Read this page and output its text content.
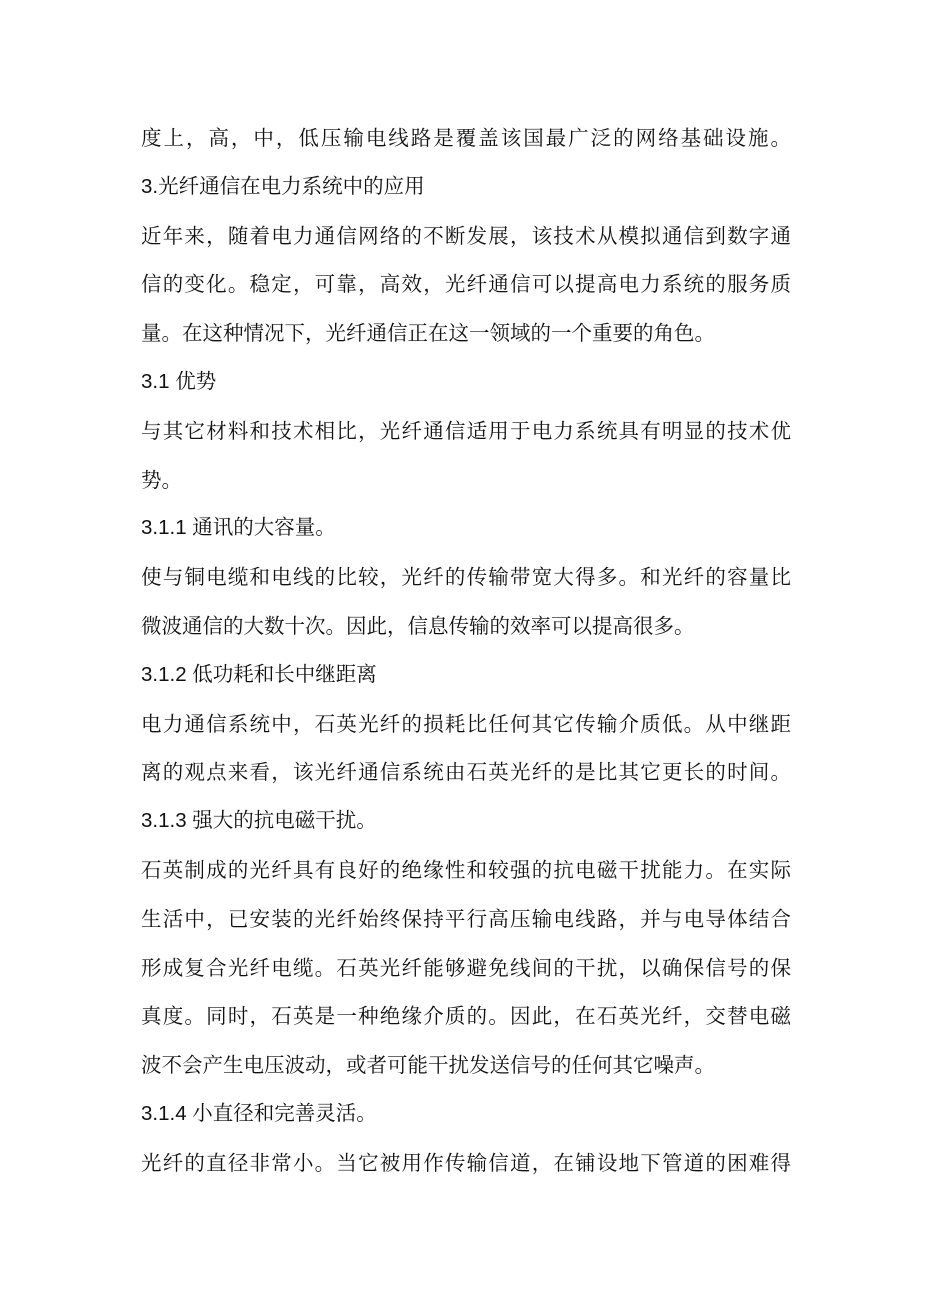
度上，高，中，低压输电线路是覆盖该国最广泛的网络基础设施。
3.光纤通信在电力系统中的应用
近年来，随着电力通信网络的不断发展，该技术从模拟通信到数字通
信的变化。稳定，可靠，高效，光纤通信可以提高电力系统的服务质
量。在这种情况下，光纤通信正在这一领域的一个重要的角色。
3.1 优势
与其它材料和技术相比，光纤通信适用于电力系统具有明显的技术优
势。
3.1.1 通讯的大容量。
使与铜电缆和电线的比较，光纤的传输带宽大得多。和光纤的容量比
微波通信的大数十次。因此，信息传输的效率可以提高很多。
3.1.2 低功耗和长中继距离
电力通信系统中，石英光纤的损耗比任何其它传输介质低。从中继距
离的观点来看，该光纤通信系统由石英光纤的是比其它更长的时间。
3.1.3 强大的抗电磁干扰。
石英制成的光纤具有良好的绝缘性和较强的抗电磁干扰能力。在实际
生活中，已安装的光纤始终保持平行高压输电线路，并与电导体结合
形成复合光纤电缆。石英光纤能够避免线间的干扰，以确保信号的保
真度。同时，石英是一种绝缘介质的。因此，在石英光纤，交替电磁
波不会产生电压波动，或者可能干扰发送信号的任何其它噪声。
3.1.4 小直径和完善灵活。
光纤的直径非常小。当它被用作传输信道，在铺设地下管道的困难得
